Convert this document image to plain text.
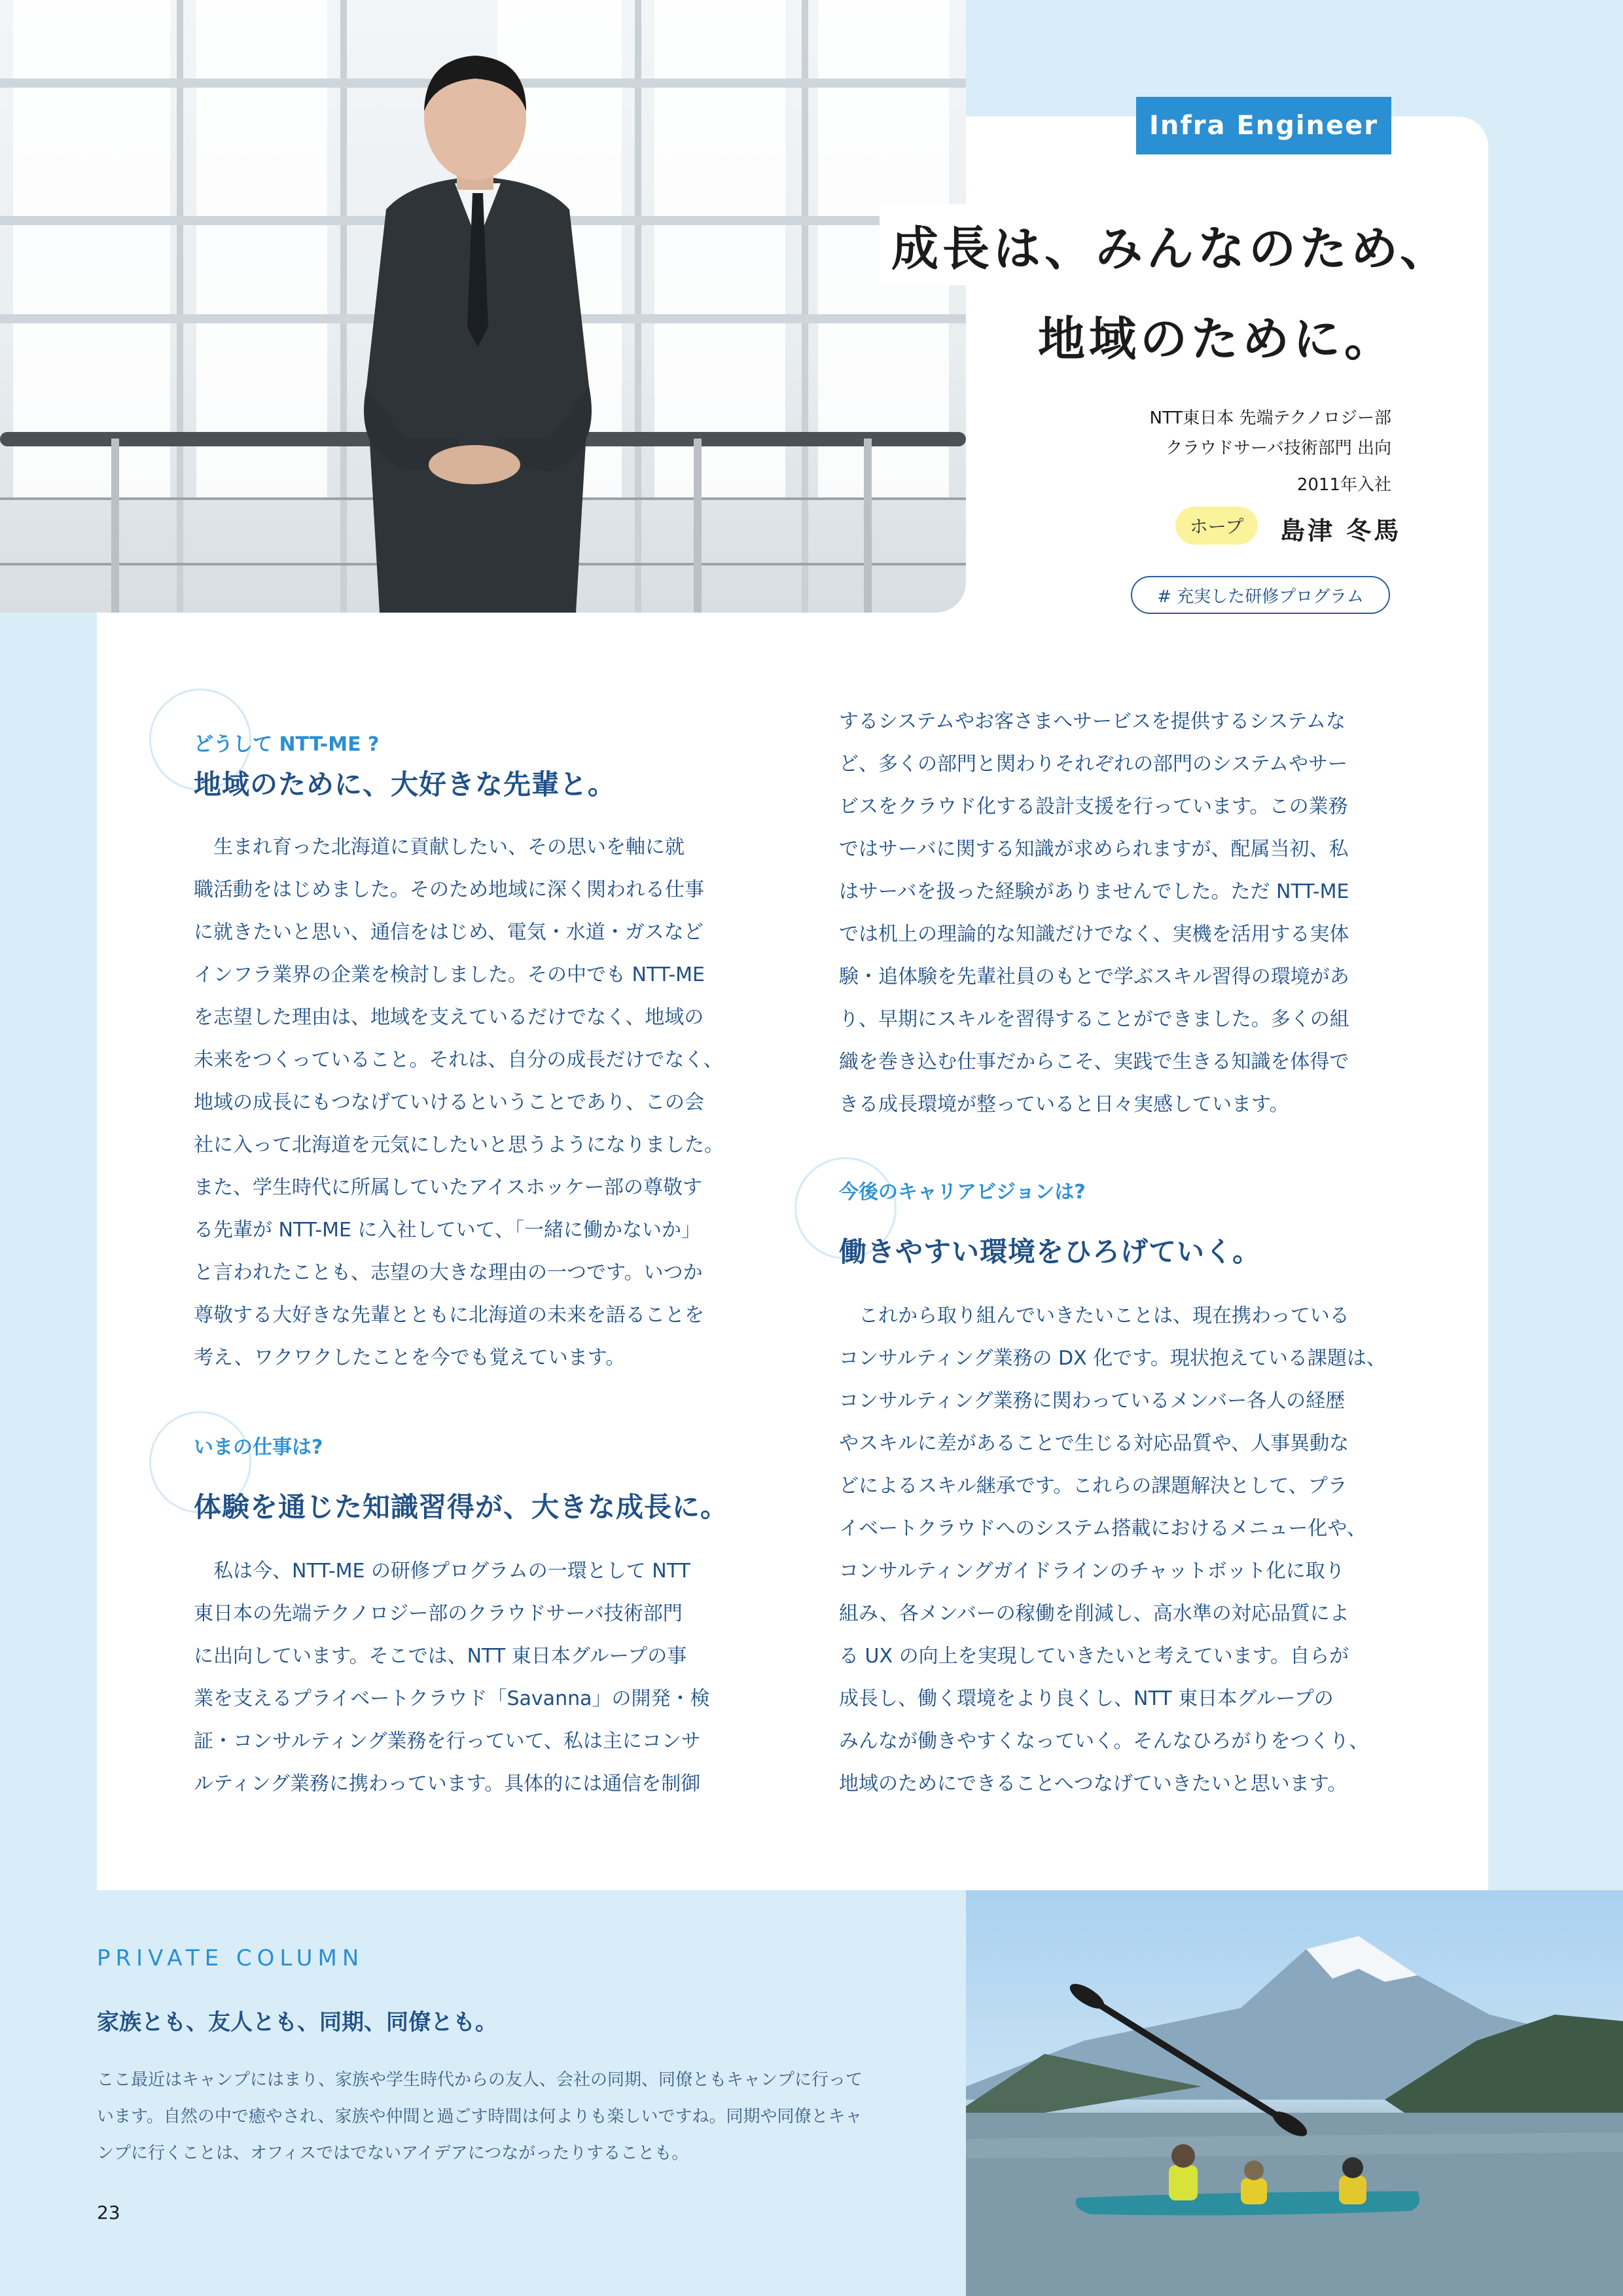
Infra Engineer
成長は、みんなのため、
地域のために。
NTT東日本 先端テクノロジー部
クラウドサーバ技術部門 出向
2011年入社
ホープ	島津 冬馬
# 充実した研修プログラム
どうして NTT-ME ?
地域のために、大好きな先輩と。
　生まれ育った北海道に貢献したい、その思いを軸に就
職活動をはじめました。そのため地域に深く関われる仕事
に就きたいと思い、通信をはじめ、電気・水道・ガスなど
インフラ業界の企業を検討しました。その中でも NTT-ME
を志望した理由は、地域を支えているだけでなく、地域の
未来をつくっていること。それは、自分の成長だけでなく、
地域の成長にもつなげていけるということであり、この会
社に入って北海道を元気にしたいと思うようになりました。
また、学生時代に所属していたアイスホッケー部の尊敬す
る先輩が NTT-ME に入社していて、「一緒に働かないか」
と言われたことも、志望の大きな理由の一つです。いつか
尊敬する大好きな先輩とともに北海道の未来を語ることを
考え、ワクワクしたことを今でも覚えています。
いまの仕事は?
体験を通じた知識習得が、大きな成長に。
　私は今、NTT-ME の研修プログラムの一環として NTT
東日本の先端テクノロジー部のクラウドサーバ技術部門
に出向しています。そこでは、NTT 東日本グループの事
業を支えるプライベートクラウド「Savanna」の開発・検
証・コンサルティング業務を行っていて、私は主にコンサ
ルティング業務に携わっています。具体的には通信を制御
するシステムやお客さまへサービスを提供するシステムな
ど、多くの部門と関わりそれぞれの部門のシステムやサー
ビスをクラウド化する設計支援を行っています。この業務
ではサーバに関する知識が求められますが、配属当初、私
はサーバを扱った経験がありませんでした。ただ NTT-ME
では机上の理論的な知識だけでなく、実機を活用する実体
験・追体験を先輩社員のもとで学ぶスキル習得の環境があ
り、早期にスキルを習得することができました。多くの組
織を巻き込む仕事だからこそ、実践で生きる知識を体得で
きる成長環境が整っていると日々実感しています。
今後のキャリアビジョンは?
働きやすい環境をひろげていく。
　これから取り組んでいきたいことは、現在携わっている
コンサルティング業務の DX 化です。現状抱えている課題は、
コンサルティング業務に関わっているメンバー各人の経歴
やスキルに差があることで生じる対応品質や、人事異動な
どによるスキル継承です。これらの課題解決として、プラ
イベートクラウドへのシステム搭載におけるメニュー化や、
コンサルティングガイドラインのチャットボット化に取り
組み、各メンバーの稼働を削減し、高水準の対応品質によ
る UX の向上を実現していきたいと考えています。自らが
成長し、働く環境をより良くし、NTT 東日本グループの
みんなが働きやすくなっていく。そんなひろがりをつくり、
地域のためにできることへつなげていきたいと思います。
PRIVATE COLUMN
家族とも、友人とも、同期、同僚とも。
ここ最近はキャンプにはまり、家族や学生時代からの友人、会社の同期、同僚ともキャンプに行って
います。自然の中で癒やされ、家族や仲間と過ごす時間は何よりも楽しいですね。同期や同僚とキャ
ンプに行くことは、オフィスではでないアイデアにつながったりすることも。
23
